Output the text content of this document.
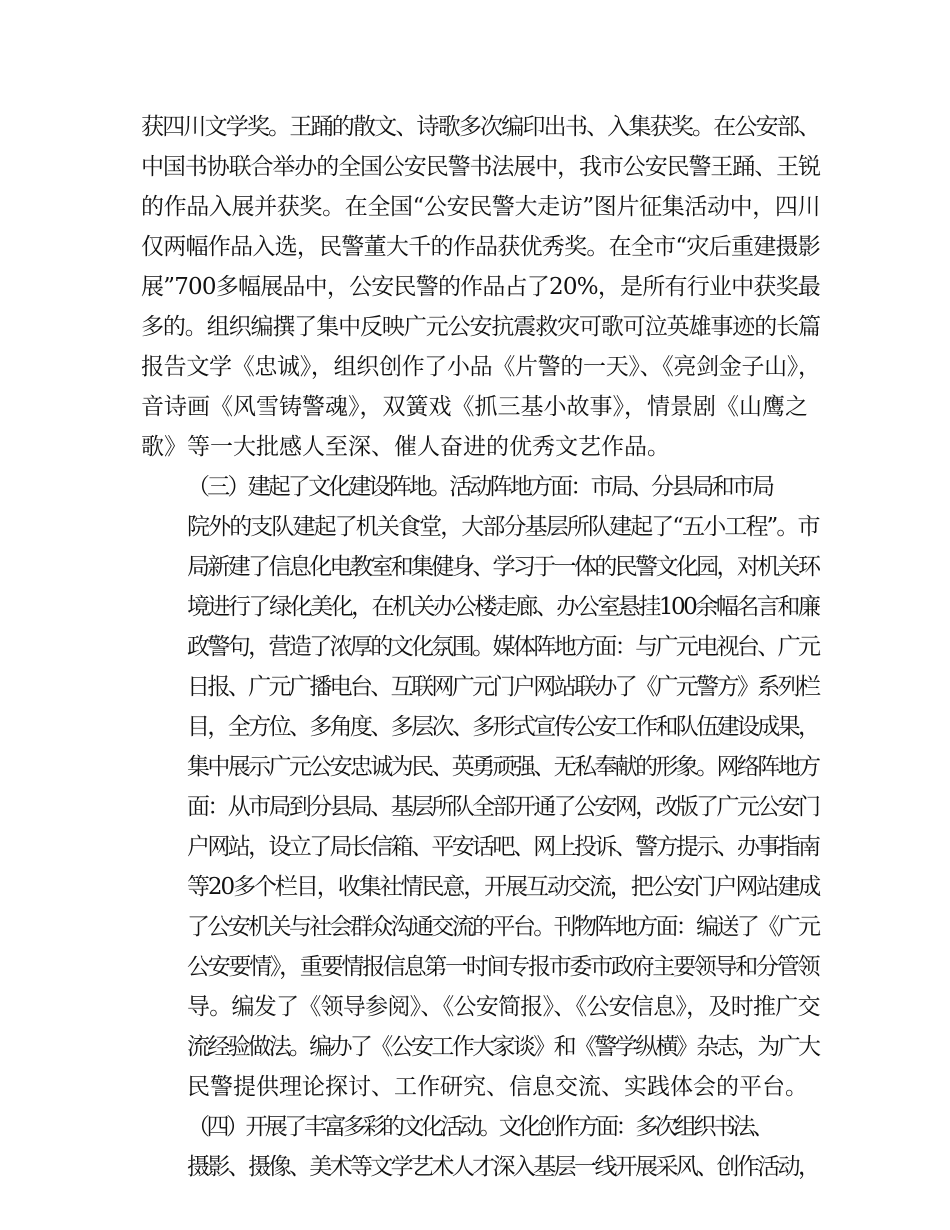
获四川文学奖。王踊的散文、诗歌多次编印出书、入集获奖。在公安部、
中国书协联合举办的全国公安民警书法展中，我市公安民警王踊、王锐
的作品入展并获奖。在全国“公安民警大走访”图片征集活动中，四川
仅两幅作品入选，民警董大千的作品获优秀奖。在全市“灾后重建摄影
展”700多幅展品中，公安民警的作品占了20%，是所有行业中获奖最
多的。组织编撰了集中反映广元公安抗震救灾可歌可泣英雄事迹的长篇
报告文学《忠诚》，组织创作了小品《片警的一天》、《亮剑金子山》，
音诗画《风雪铸警魂》，双簧戏《抓三基小故事》，情景剧《山鹰之
歌》等一大批感人至深、催人奋进的优秀文艺作品。

（三）建起了文化建设阵地。活动阵地方面：市局、分县局和市局
院外的支队建起了机关食堂，大部分基层所队建起了“五小工程”。市
局新建了信息化电教室和集健身、学习于一体的民警文化园，对机关环
境进行了绿化美化，在机关办公楼走廊、办公室悬挂100余幅名言和廉
政警句，营造了浓厚的文化氛围。媒体阵地方面：与广元电视台、广元
日报、广元广播电台、互联网广元门户网站联办了《广元警方》系列栏
目，全方位、多角度、多层次、多形式宣传公安工作和队伍建设成果，
集中展示广元公安忠诚为民、英勇顽强、无私奉献的形象。网络阵地方
面：从市局到分县局、基层所队全部开通了公安网，改版了广元公安门
户网站，设立了局长信箱、平安话吧、网上投诉、警方提示、办事指南
等20多个栏目，收集社情民意，开展互动交流，把公安门户网站建成
了公安机关与社会群众沟通交流的平台。刊物阵地方面：编送了《广元
公安要情》，重要情报信息第一时间专报市委市政府主要领导和分管领
导。编发了《领导参阅》、《公安简报》、《公安信息》，及时推广交
流经验做法。编办了《公安工作大家谈》和《警学纵横》杂志，为广大
民警提供理论探讨、工作研究、信息交流、实践体会的平台。

（四）开展了丰富多彩的文化活动。文化创作方面：多次组织书法、
摄影、摄像、美术等文学艺术人才深入基层一线开展采风、创作活动，
